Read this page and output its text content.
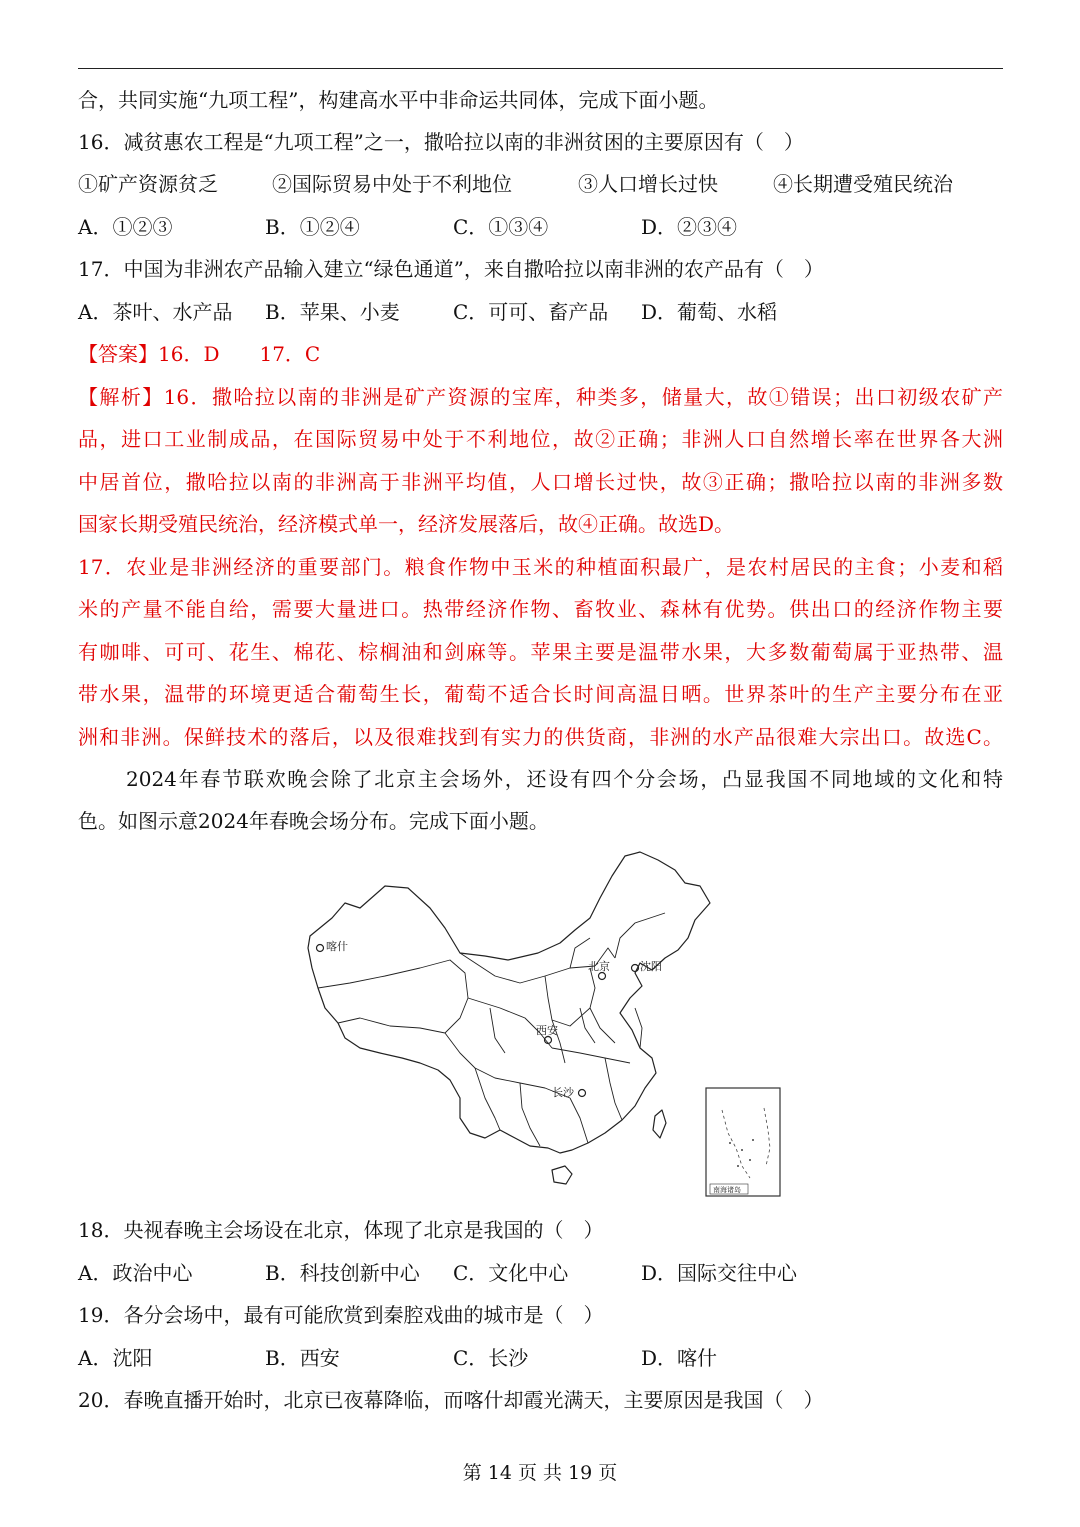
合，共同实施“九项工程”，构建高水平中非命运共同体，完成下面小题。
16．减贫惠农工程是“九项工程”之一，撒哈拉以南的非洲贫困的主要原因有（　）
①矿产资源贫乏	②国际贸易中处于不利地位	③人口增长过快	④长期遭受殖民统治
A．①②③	B．①②④	C．①③④	D．②③④
17．中国为非洲农产品输入建立“绿色通道”，来自撒哈拉以南非洲的农产品有（　）
A．茶叶、水产品 B．苹果、小麦	C．可可、畜产品 D．葡萄、水稻
【答案】16．D　　17．C
【解析】16．撒哈拉以南的非洲是矿产资源的宝库，种类多，储量大，故①错误；出口初级农矿产
品，进口工业制成品，在国际贸易中处于不利地位，故②正确；非洲人口自然增长率在世界各大洲
中居首位，撒哈拉以南的非洲高于非洲平均值，人口增长过快，故③正确；撒哈拉以南的非洲多数
国家长期受殖民统治，经济模式单一，经济发展落后，故④正确。故选D。
17．农业是非洲经济的重要部门。粮食作物中玉米的种植面积最广，是农村居民的主食；小麦和稻
米的产量不能自给，需要大量进口。热带经济作物、畜牧业、森林有优势。供出口的经济作物主要
有咖啡、可可、花生、棉花、棕榈油和剑麻等。苹果主要是温带水果，大多数葡萄属于亚热带、温
带水果，温带的环境更适合葡萄生长，葡萄不适合长时间高温日晒。世界茶叶的生产主要分布在亚
洲和非洲。保鲜技术的落后，以及很难找到有实力的供货商，非洲的水产品很难大宗出口。故选C。
2024年春节联欢晚会除了北京主会场外，还设有四个分会场，凸显我国不同地域的文化和特
色。如图示意2024年春晚会场分布。完成下面小题。
喀什
北京	沈阳
西安
长沙
南海诸岛
18．央视春晚主会场设在北京，体现了北京是我国的（　）
A．政治中心	B．科技创新中心 C．文化中心	D．国际交往中心
19．各分会场中，最有可能欣赏到秦腔戏曲的城市是（　）
A．沈阳	B．西安	C．长沙	D．喀什
20．春晚直播开始时，北京已夜幕降临，而喀什却霞光满天，主要原因是我国（　）
第 14 页 共 19 页
